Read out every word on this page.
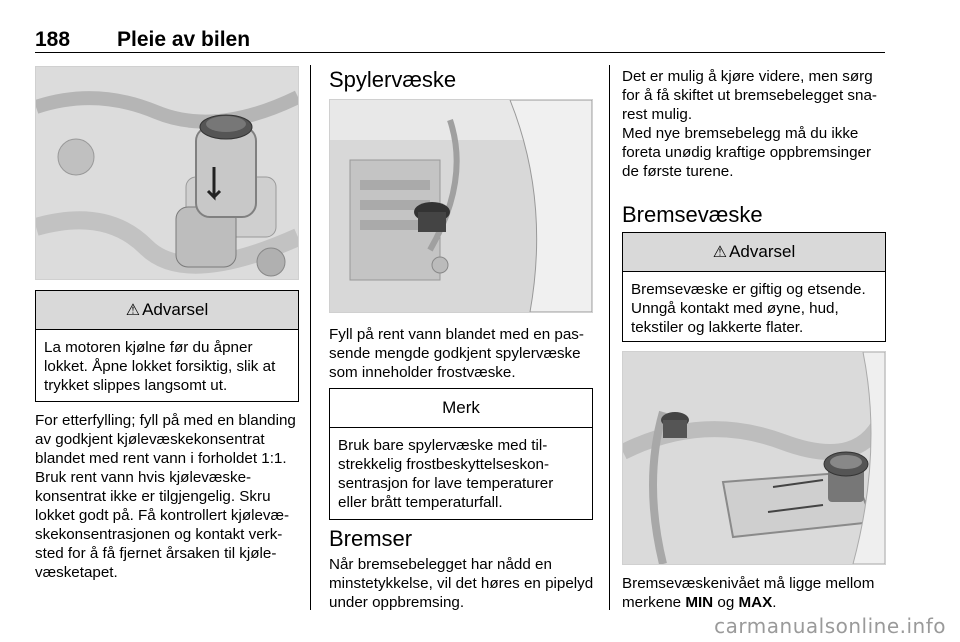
188 Pleie av bilen
⚠ Advarsel
La motoren kjølne før du åpner lokket. Åpne lokket forsiktig, slik at trykket slippes langsomt ut.

For etterfylling; fyll på med en blanding av godkjent kjølevæskekonsentrat blandet med rent vann i forholdet 1:1. Bruk rent vann hvis kjølevæskekonsentrat ikke er tilgjengelig. Skru lokket godt på. Få kontrollert kjølevæskekonsentrasjonen og kontakt verksted for å få fjernet årsaken til kjølevæsketapet.

Spylervæske

Fyll på rent vann blandet med en passende mengde godkjent spylervæske som inneholder frostvæske.

Merk
Bruk bare spylervæske med tilstrekkelig frostbeskyttelseskonsentrasjon for lave temperaturer eller brått temperaturfall.
Bremser

Når bremsebelegget har nådd en minstetykkelse, vil det høres en pipelyd under oppbremsing.

Det er mulig å kjøre videre, men sørg for å få skiftet ut bremsebelegget snarest mulig.

Med nye bremsebelegg må du ikke foreta unødig kraftige oppbremsinger de første turene.

Bremsevæske
⚠ Advarsel
Bremsevæske er giftig og etsende. Unngå kontakt med øyne, hud, tekstiler og lakkerte flater.

Bremsevæskenivået må ligge mellom merkene MIN og MAX.

carmanualsonline.info
